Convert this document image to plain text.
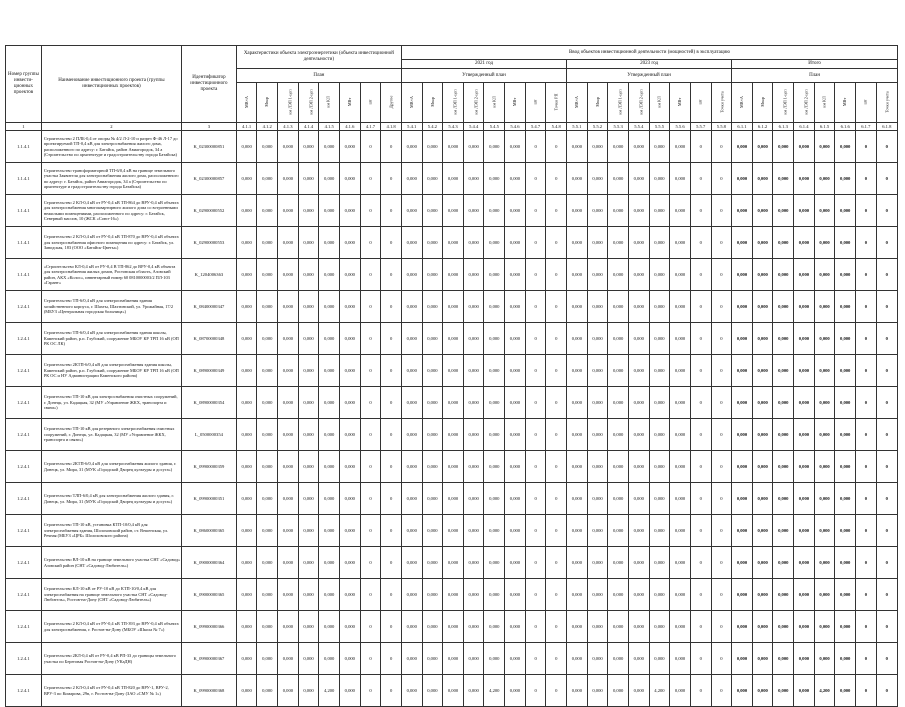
Номер группы инвести-ционных проектов	Наименование инвестиционного проекта (группы инвестиционных проектов)	Идентификатор инвестиционного проекта	Характеристики объекта электроэнергетики (объекта инвестиционной деятельности)								Ввод объектов инвестиционной деятельности (мощностей) в эксплуатацию																							
											2021 год								2023 год								Итого							
			План								Утвержденный план								Утвержденный план								План							
			МВ×А	Мвар	км ЛЭП 1-цеп	км ЛЭП 2-цеп	км КЛ	МВт	шт	Другое	МВ×А	Мвар	км ЛЭП 1-цеп	км ЛЭП 2-цеп	км КЛ	МВт	шт	Точки РП	МВ×А	Мвар	км ЛЭП 1-цеп	км ЛЭП 2-цеп	км КЛ	МВт	шт	Точки учета	МВ×А	Мвар	км ЛЭП 1-цеп	км ЛЭП 2-цеп	км КЛ	МВт	шт	Точки учета

1	2	3	4.1.1	4.1.2	4.1.3	4.1.4	4.1.5	4.1.6	4.1.7	4.1.8	5.4.1	5.4.2	5.4.3	5.4.4	5.4.5	5.4.6	5.4.7	5.4.8	5.5.1	5.5.2	5.5.3	5.5.4	5.5.5	5.5.6	5.5.7	5.5.8	6.1.1	6.1.2	6.1.3	6.1.4	6.1.5	6.1.6	6.1.7	6.1.8
1.1.4.1	Строительство 2 ПЛБ-0,4 от опоры № 4/2 Л-2-10 и разрез Ф-46 Л-17 до проектируемой ТП-0,4 кВ для электроснабжения жилого дома, расположенного по адресу: г. Батайск, район Авиагородок, 34 а (Строительство по архитектуре и градостроительству города Батайска)	K_02300000851	0,000	0,000	0,000	0,000	0,000	0,000	0	0	0,000	0,000	0,000	0,000	0,000	0,000	0	0	0,000	0,000	0,000	0,000	0,000	0,000	0	0	0,000	0,000	0,000	0,000	0,000	0,000	0	0
1.1.4.1	Строительство трансформаторной ТП-6/0,4 кВ на границе земельного участка Заявителя для электроснабжения жилого дома, расположенного по адресу: г. Батайск, район Авиагородок, 34 а (Строительство по архитектуре и градостроительству города Батайска)	K_02300000857	0,000	0,000	0,000	0,000	0,000	0,000	0	0	0,000	0,000	0,000	0,000	0,000	0,000	0	0	0,000	0,000	0,000	0,000	0,000	0,000	0	0	0,000	0,000	0,000	0,000	0,000	0,000	0	0
1.1.4.1	Строительство 2 КЛ-0,4 кВ от РУ-0,4 кВ ТП-864 до ВРУ-0,4 кВ объекта для электроснабжения многоквартирного жилого дома со встроенными нежилыми помещениями, расположенного по адресу: г. Батайск, Северный массив, 10 (ЖСК «Союз-16»)	K_02900000552	0,000	0,000	0,000	0,000	0,000	0,000	0	0	0,000	0,000	0,000	0,000	0,000	0,000	0	0	0,000	0,000	0,000	0,000	0,000	0,000	0	0	0,000	0,000	0,000	0,000	0,000	0,000	0	0
1.1.4.1	Строительство 2 КЛ-0,4 кВ от РУ-0,4 кВ ТП-870 до ВРУ-0,4 кВ объекта для электроснабжения офисного помещения по адресу: г. Батайск, ул. Заводская, 183 (ООО «Батайск-Цветы»)	K_02900000553	0,000	0,000	0,000	0,000	0,000	0,000	0	0	0,000	0,000	0,000	0,000	0,000	0,000	0	0	0,000	0,000	0,000	0,000	0,000	0,000	0	0	0,000	0,000	0,000	0,000	0,000	0,000	0	0
1.1.4.1	«Строительство КЛ-0,4 кВ от РУ-0,4 В ТП-862 до ВРУ-0,4 кВ объекта для электроснабжения жилых домов, Ростовская область, Азовский район, АКХ «Колос», инвентарный номер 60 0810000003/2 ПЛ-103 «Гарант»	K_1204006363	0,000	0,000	0,000	0,000	0,000	0,000	0	0	0,000	0,000	0,000	0,000	0,000	0,000	0	0	0,000	0,000	0,000	0,000	0,000	0,000	0	0	0,000	0,000	0,000	0,000	0,000	0,000	0	0
1.2.4.1	Строительство ТП-6/0,4 кВ для электроснабжения здания хозяйственного корпуса, г. Шахты, Шахтинский, ул. Урожайная, 17/2 (МБУЗ «Центральная городская больница»)	K_08400000347	0,000	0,000	0,000	0,000	0,000	0,000	0	0	0,000	0,000	0,000	0,000	0,000	0,000	0	0	0,000	0,000	0,000	0,000	0,000	0,000	0	0	0,000	0,000	0,000	0,000	0,000	0,000	0	0
1.2.4.1	Строительство ТП-6/0,4 кВ для электроснабжения здания школы, Каменский район, р.п. Глубокий, сооружение МБОУ КР ТРП 16 кВ (ОП РК ОС ЛК)	K_08700000348	0,000	0,000	0,000	0,000	0,000	0,000	0	0	0,000	0,000	0,000	0,000	0,000	0,000	0	0	0,000	0,000	0,000	0,000	0,000	0,000	0	0	0,000	0,000	0,000	0,000	0,000	0,000	0	0
1.2.4.1	Строительство 2КТП-6/0,4 кВ для электроснабжения здания школы, Каменский район, р.п. Глубокий, сооружение МБОУ КР ТРП 16 кВ (ОП РК ОС и НУ Администрации Каменского района)	K_08900000349	0,000	0,000	0,000	0,000	0,000	0,000	0	0	0,000	0,000	0,000	0,000	0,000	0,000	0	0	0,000	0,000	0,000	0,000	0,000	0,000	0	0	0,000	0,000	0,000	0,000	0,000	0,000	0	0
1.2.4.1	Строительство ТП-10 кВ для электроснабжения очистных сооружений, г. Донецк, ул. Кадацкая, 32 (МУ «Управление ЖКХ, транспорта и связи»)	K_08900000354	0,000	0,000	0,000	0,000	0,000	0,000	0	0	0,000	0,000	0,000	0,000	0,000	0,000	0	0	0,000	0,000	0,000	0,000	0,000	0,000	0	0	0,000	0,000	0,000	0,000	0,000	0,000	0	0
1.2.4.1	Строительство ТП-10 кВ для резервного электроснабжения очистных сооружений, г. Донецк, ул. Кадацкая, 32 (МУ «Управление ЖКХ, транспорта и связи»)	L_0500000354	0,000	0,000	0,000	0,000	0,000	0,000	0	0	0,000	0,000	0,000	0,000	0,000	0,000	0	0	0,000	0,000	0,000	0,000	0,000	0,000	0	0	0,000	0,000	0,000	0,000	0,000	0,000	0	0
1.2.4.1	Строительство 2КТП-6/0,4 кВ для электроснабжения жилого здания, г. Донецк, ул. Мира, 31 (МУК «Городской Дворец культуры и досуга»)	K_09900000359	0,000	0,000	0,000	0,000	0,000	0,000	0	0	0,000	0,000	0,000	0,000	0,000	0,000	0	0	0,000	0,000	0,000	0,000	0,000	0,000	0	0	0,000	0,000	0,000	0,000	0,000	0,000	0	0
1.2.4.1	Строительство ТЛП-6/0,4 кВ для электроснабжения жилого здания, г. Донецк, ул. Мира, 31 (МУК «Городской Дворец культуры и досуга»)	K_09900000351	0,000	0,000	0,000	0,000	0,000	0,000	0	0	0,000	0,000	0,000	0,000	0,000	0,000	0	0	0,000	0,000	0,000	0,000	0,000	0,000	0	0	0,000	0,000	0,000	0,000	0,000	0,000	0	0
1.2.4.1	Строительство ТП-10 кВ, установка КТП-10/0,4 кВ для электроснабжения здания, Шолоховский район, ст. Вешенская, ул. Речная (МБУЗ «ЦРБ» Шолоховского района)	K_08600000365	0,000	0,000	0,000	0,000	0,000	0,000	0	0	0,000	0,000	0,000	0,000	0,000	0,000	0	0	0,000	0,000	0,000	0,000	0,000	0,000	0	0	0,000	0,000	0,000	0,000	0,000	0,000	0	0
1.2.4.1	Строительство ВЛ-10 кВ на границе земельного участка СНТ «Садовод» Азовский район (СНТ «Садовод-Любитель»)	K_09000000364	0,000	0,000	0,000	0,000	0,000	0,000	0	0	0,000	0,000	0,000	0,000	0,000	0,000	0	0	0,000	0,000	0,000	0,000	0,000	0,000	0	0	0,000	0,000	0,000	0,000	0,000	0,000	0	0
1.2.4.1	Строительство КЛ-10 кВ от РУ-10 кВ до КТП-10/0,4 кВ для электроснабжения на границе земельного участка СНТ «Садовод-Любитель», Ростов-на-Дону (СНТ «Садовод-Любитель»)	K_09000000365	0,000	0,000	0,000	0,000	0,000	0,000	0	0	0,000	0,000	0,000	0,000	0,000	0,000	0	0	0,000	0,000	0,000	0,000	0,000	0,000	0	0	0,000	0,000	0,000	0,000	0,000	0,000	0	0
1.2.4.1	Строительство 2 КЛ-0,4 кВ от РУ-0,4 кВ ТП-393 до ВРУ-0,4 кВ объекта для электроснабжения, г. Ростов-на-Дону (МБОУ «Школа № 7»)	K_09900000366	0,000	0,000	0,000	0,000	0,000	0,000	0	0	0,000	0,000	0,000	0,000	0,000	0,000	0	0	0,000	0,000	0,000	0,000	0,000	0,000	0	0	0,000	0,000	0,000	0,000	0,000	0,000	0	0
1.2.4.1	Строительство 2КЛ-0,4 кВ от РУ-0,4 кВ РП-33 до границы земельного участка по Береговая Ростов-на-Дону (УКаДН)	K_09900000367	0,000	0,000	0,000	0,000	0,000	0,000	0	0	0,000	0,000	0,000	0,000	0,000	0,000	0	0	0,000	0,000	0,000	0,000	0,000	0,000	0	0	0,000	0,000	0,000	0,000	0,000	0,000	0	0
1.2.4.1	Строительство 2 КЛ-0,4 кВ от РУ-0,4 кВ ТП-820 до ВРУ-1, ВРУ-2, ВРУ-3 по Комарова, 29в, г. Ростов-на-Дону (ЗАО «СМУ № 1»)	K_09900000368	0,000	0,000	0,000	0,000	4,200	0,000	0	0	0,000	0,000	0,000	0,000	4,200	0,000	0	0	0,000	0,000	0,000	0,000	4,200	0,000	0	0	0,000	0,000	0,000	0,000	4,200	0,000	0	0
